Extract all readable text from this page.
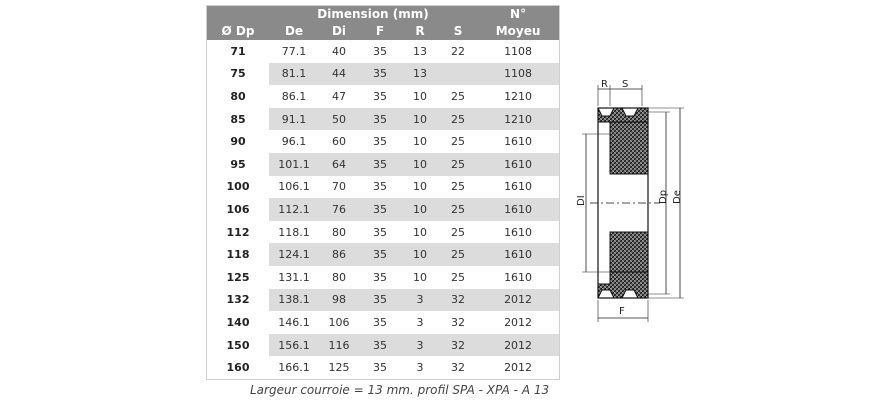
	Dimension (mm)					N°
Ø Dp	De	Di	F	R	S	Moyeu
71	77.1	40	35	13	22	1108
75	81.1	44	35	13		1108
80	86.1	47	35	10	25	1210
85	91.1	50	35	10	25	1210
90	96.1	60	35	10	25	1610
95	101.1	64	35	10	25	1610
100	106.1	70	35	10	25	1610
106	112.1	76	35	10	25	1610
112	118.1	80	35	10	25	1610
118	124.1	86	35	10	25	1610
125	131.1	80	35	10	25	1610
132	138.1	98	35	3	32	2012
140	146.1	106	35	3	32	2012
150	156.1	116	35	3	32	2012
160	166.1	125	35	3	32	2012
R S
DI	Dp De
F
Largeur courroie = 13 mm. profil SPA - XPA - A 13
